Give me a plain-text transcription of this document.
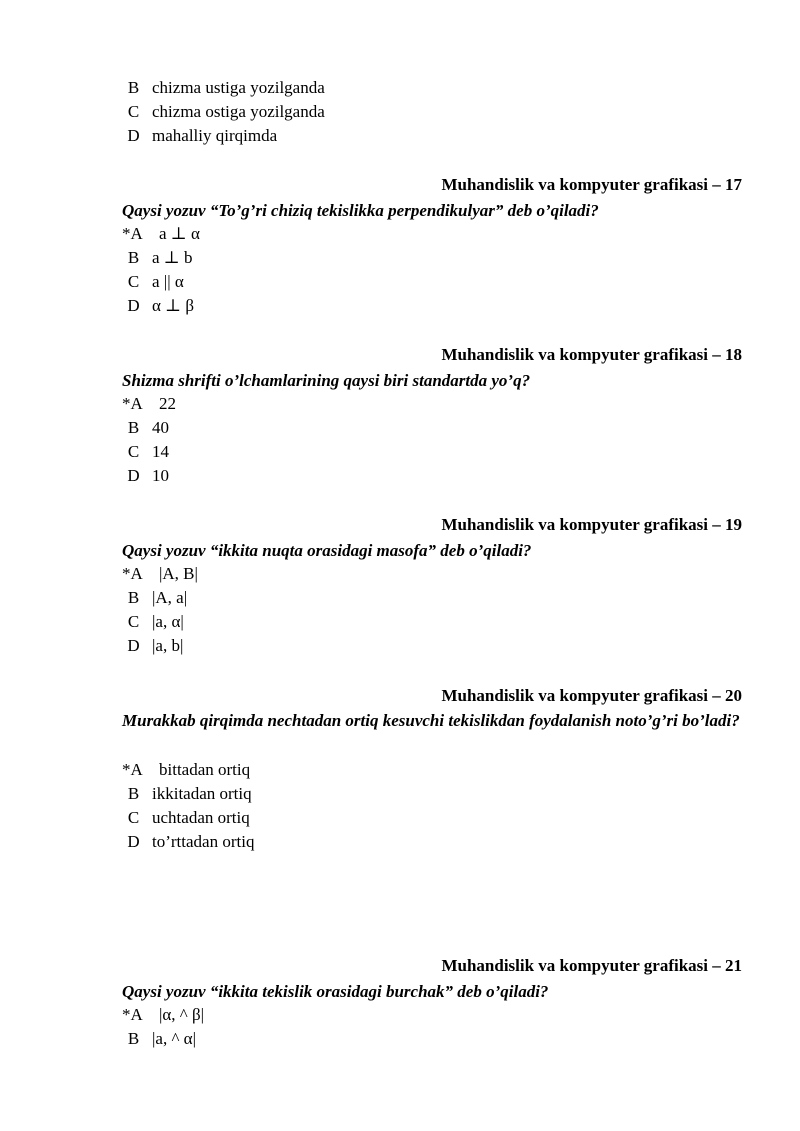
B chizma ustiga yozilganda
C chizma ostiga yozilganda
D mahalliy qirqimda
Muhandislik va kompyuter grafikasi – 17
Qaysi yozuv “To’g’ri chiziq tekislikka perpendikulyar” deb o’qiladi?
*A a ⊥ α
B a ⊥ b
C a || α
D α ⊥ β
Muhandislik va kompyuter grafikasi – 18
Shizma shrifti o’lchamlarining qaysi biri standartda yo’q?
*A 22
B 40
C 14
D 10
Muhandislik va kompyuter grafikasi – 19
Qaysi yozuv “ikkita nuqta orasidagi masofa” deb o’qiladi?
*A |A, B|
B |A, a|
C |a, α|
D |a, b|
Muhandislik va kompyuter grafikasi – 20
Murakkab qirqimda nechtadan ortiq kesuvchi tekislikdan foydalanish noto’g’ri bo’ladi?
*A bittadan ortiq
B ikkitadan ortiq
C uchtadan ortiq
D to’rttadan ortiq
Muhandislik va kompyuter grafikasi – 21
Qaysi yozuv “ikkita tekislik orasidagi burchak” deb o’qiladi?
*A |α, ^ β|
B |a, ^ α|
